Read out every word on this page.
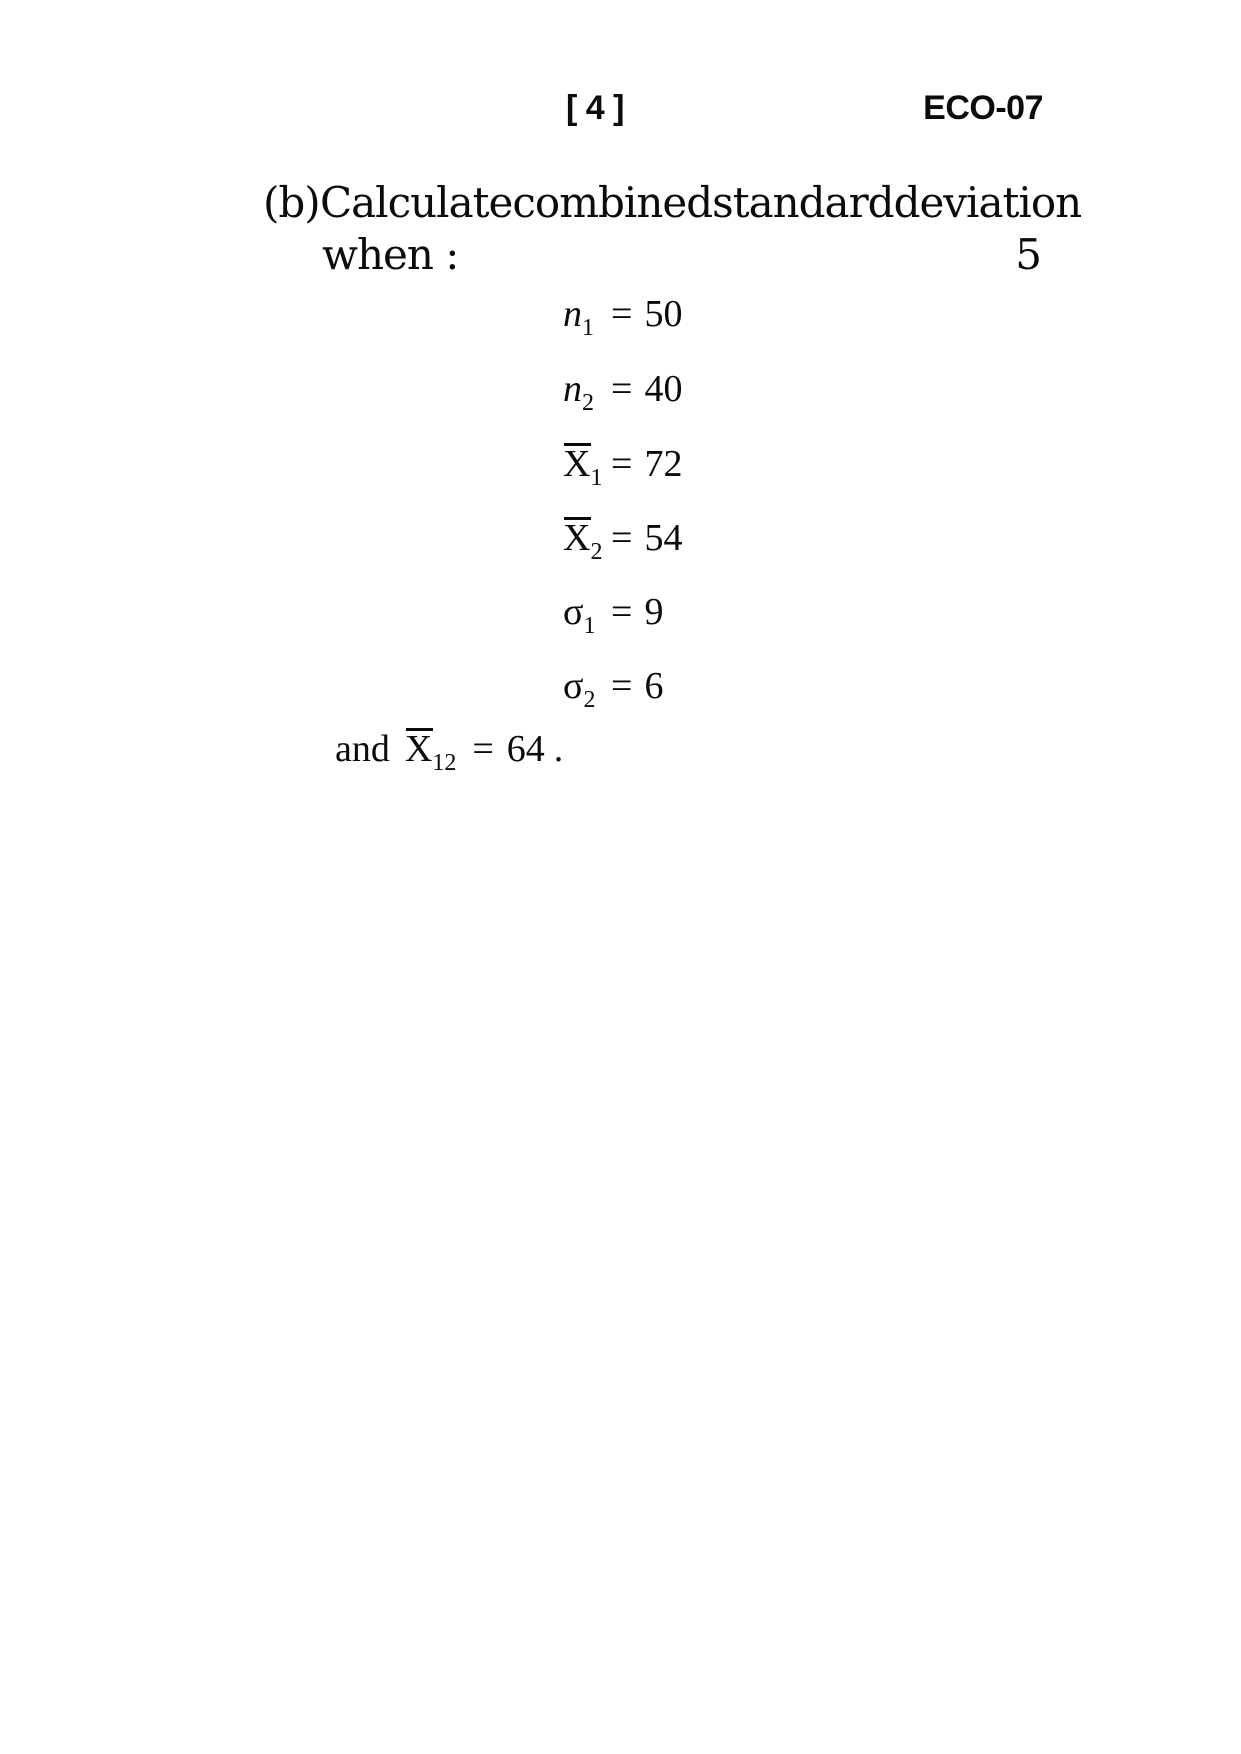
[ 4 ]	ECO-07
(b) Calculate combined standard deviation
when :	5
$n_1 = 50$
$n_2 = 40$
$X_1 = 72$
$X_2 = 54$
$\sigma_1 = 9$
$\sigma_2 = 6$
and $X_{12} = 64$ .
